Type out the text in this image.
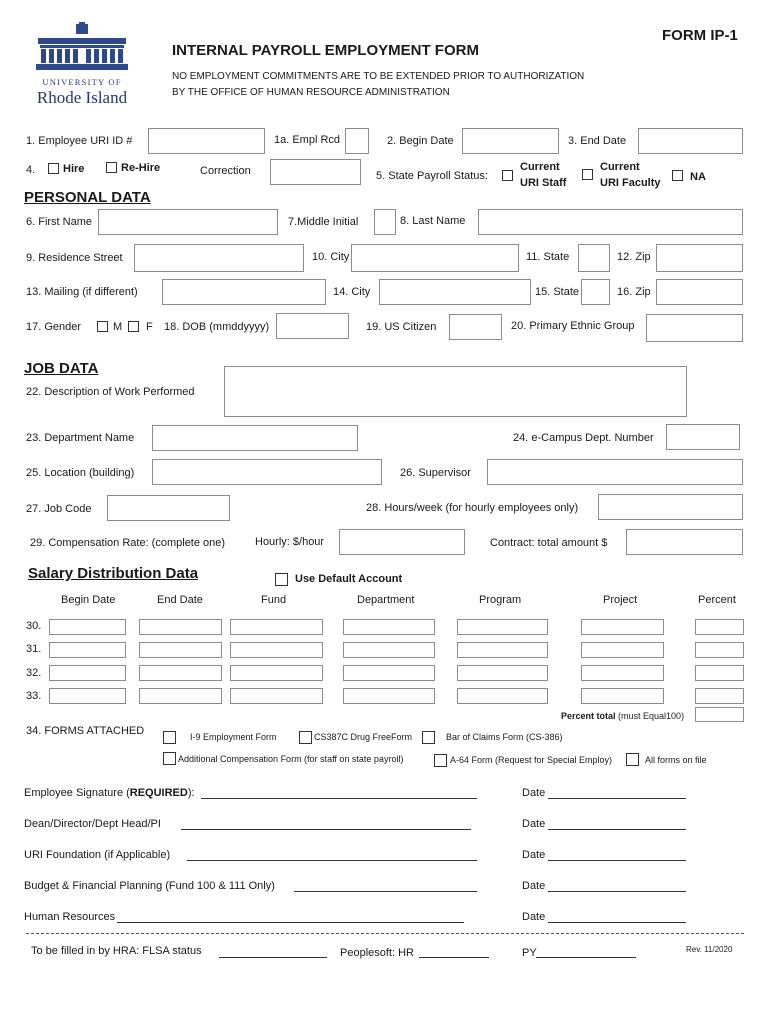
UNIVERSITY OF
Rhode Island
INTERNAL PAYROLL EMPLOYMENT FORM
FORM IP-1
NO EMPLOYMENT COMMITMENTS ARE TO BE EXTENDED PRIOR TO AUTHORIZATION
BY THE OFFICE OF HUMAN RESOURCE ADMINISTRATION
1. Employee URI ID #	1a. Empl Rcd	2. Begin Date	3. End Date
4.	Hire	Re-Hire	Correction	5. State Payroll Status:
Current
URI Staff
Current
URI Faculty	NA
PERSONAL DATA
6. First Name	7.Middle Initial	8. Last Name
9. Residence Street	10. City	11. State	12. Zip
13. Mailing (if different)	14. City	15. State	16. Zip
17. Gender	M F 18. DOB (mmddyyyy)	19. US Citizen	20. Primary Ethnic Group
JOB DATA
22. Description of Work Performed
23. Department Name	24. e-Campus Dept. Number
25. Location (building)	26. Supervisor
27. Job Code	28. Hours/week (for hourly employees only)
29. Compensation Rate: (complete one)	Hourly: $/hour	Contract: total amount $
Salary Distribution Data	Use Default Account
Begin Date	End Date	Fund	Department	Program	Project	Percent
30.
31.
32.
33.
Percent total (must Equal100)
34. FORMS ATTACHED	I-9 Employment Form	CS387C Drug FreeForm	Bar of Claims Form (CS-386)
Additional Compensation Form (for staff on state payroll)	A-64 Form (Request for Special Employ)	All forms on file
Employee Signature (REQUIRED):	Date
Dean/Director/Dept Head/PI	Date
URI Foundation (if Applicable)	Date
Budget & Financial Planning (Fund 100 & 111 Only)	Date
Human Resources	Date
To be filled in by HRA: FLSA status	Peoplesoft: HR	PY	Rev. 11/2020
